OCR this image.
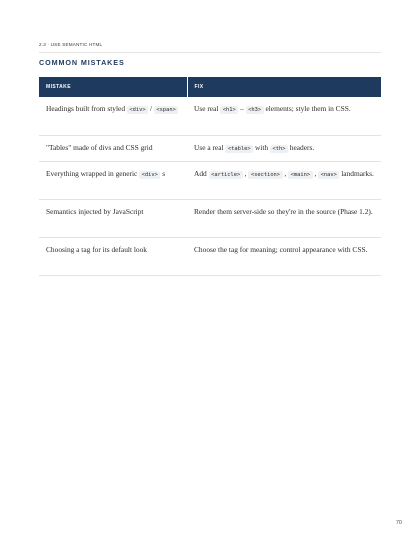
2.3 · USE SEMANTIC HTML
COMMON MISTAKES
MISTAKE	FIX
Headings built from styled <div> / <span>	Use real <h1> – <h3> elements; style them in CSS.
"Tables" made of divs and CSS grid	Use a real <table> with <th> headers.
Everything wrapped in generic <div> s	Add <article> , <section> , <main> , <nav> landmarks.
Semantics injected by JavaScript	Render them server-side so they're in the source (Phase 1.2).
Choosing a tag for its default look	Choose the tag for meaning; control appearance with CSS.
70
